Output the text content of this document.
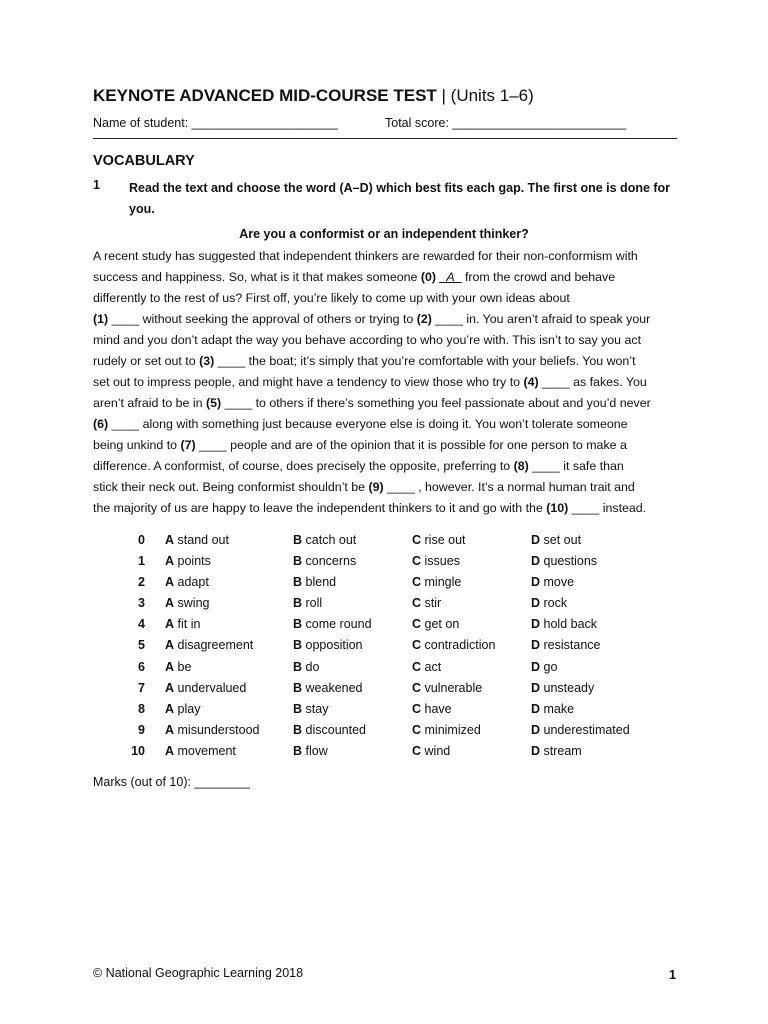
KEYNOTE ADVANCED MID-COURSE TEST | (Units 1–6)
Name of student: _____________________	Total score: _________________________
VOCABULARY
1 Read the text and choose the word (A–D) which best fits each gap. The first one is done for you.
Are you a conformist or an independent thinker?
A recent study has suggested that independent thinkers are rewarded for their non-conformism with
success and happiness. So, what is it that makes someone (0) _A_ from the crowd and behave
differently to the rest of us? First off, you’re likely to come up with your own ideas about
(1) ____ without seeking the approval of others or trying to (2) ____ in. You aren’t afraid to speak your
mind and you don’t adapt the way you behave according to who you’re with. This isn’t to say you act
rudely or set out to (3) ____ the boat; it’s simply that you’re comfortable with your beliefs. You won’t
set out to impress people, and might have a tendency to view those who try to (4) ____ as fakes. You
aren’t afraid to be in (5) ____ to others if there’s something you feel passionate about and you’d never
(6) ____ along with something just because everyone else is doing it. You won’t tolerate someone
being unkind to (7) ____ people and are of the opinion that it is possible for one person to make a
difference. A conformist, of course, does precisely the opposite, preferring to (8) ____ it safe than
stick their neck out. Being conformist shouldn’t be (9) ____ , however. It’s a normal human trait and
the majority of us are happy to leave the independent thinkers to it and go with the (10) ____ instead.
0 A stand out	B catch out	C rise out	D set out
1 A points	B concerns	C issues	D questions
2 A adapt	B blend	C mingle	D move
3 A swing	B roll	C stir	D rock
4 A fit in	B come round	C get on	D hold back
5 A disagreement	B opposition	C contradiction	D resistance
6 A be	B do	C act	D go
7 A undervalued	B weakened	C vulnerable	D unsteady
8 A play	B stay	C have	D make
9 A misunderstood	B discounted	C minimized	D underestimated
10 A movement	B flow	C wind	D stream
Marks (out of 10): ________
© National Geographic Learning 2018	1
